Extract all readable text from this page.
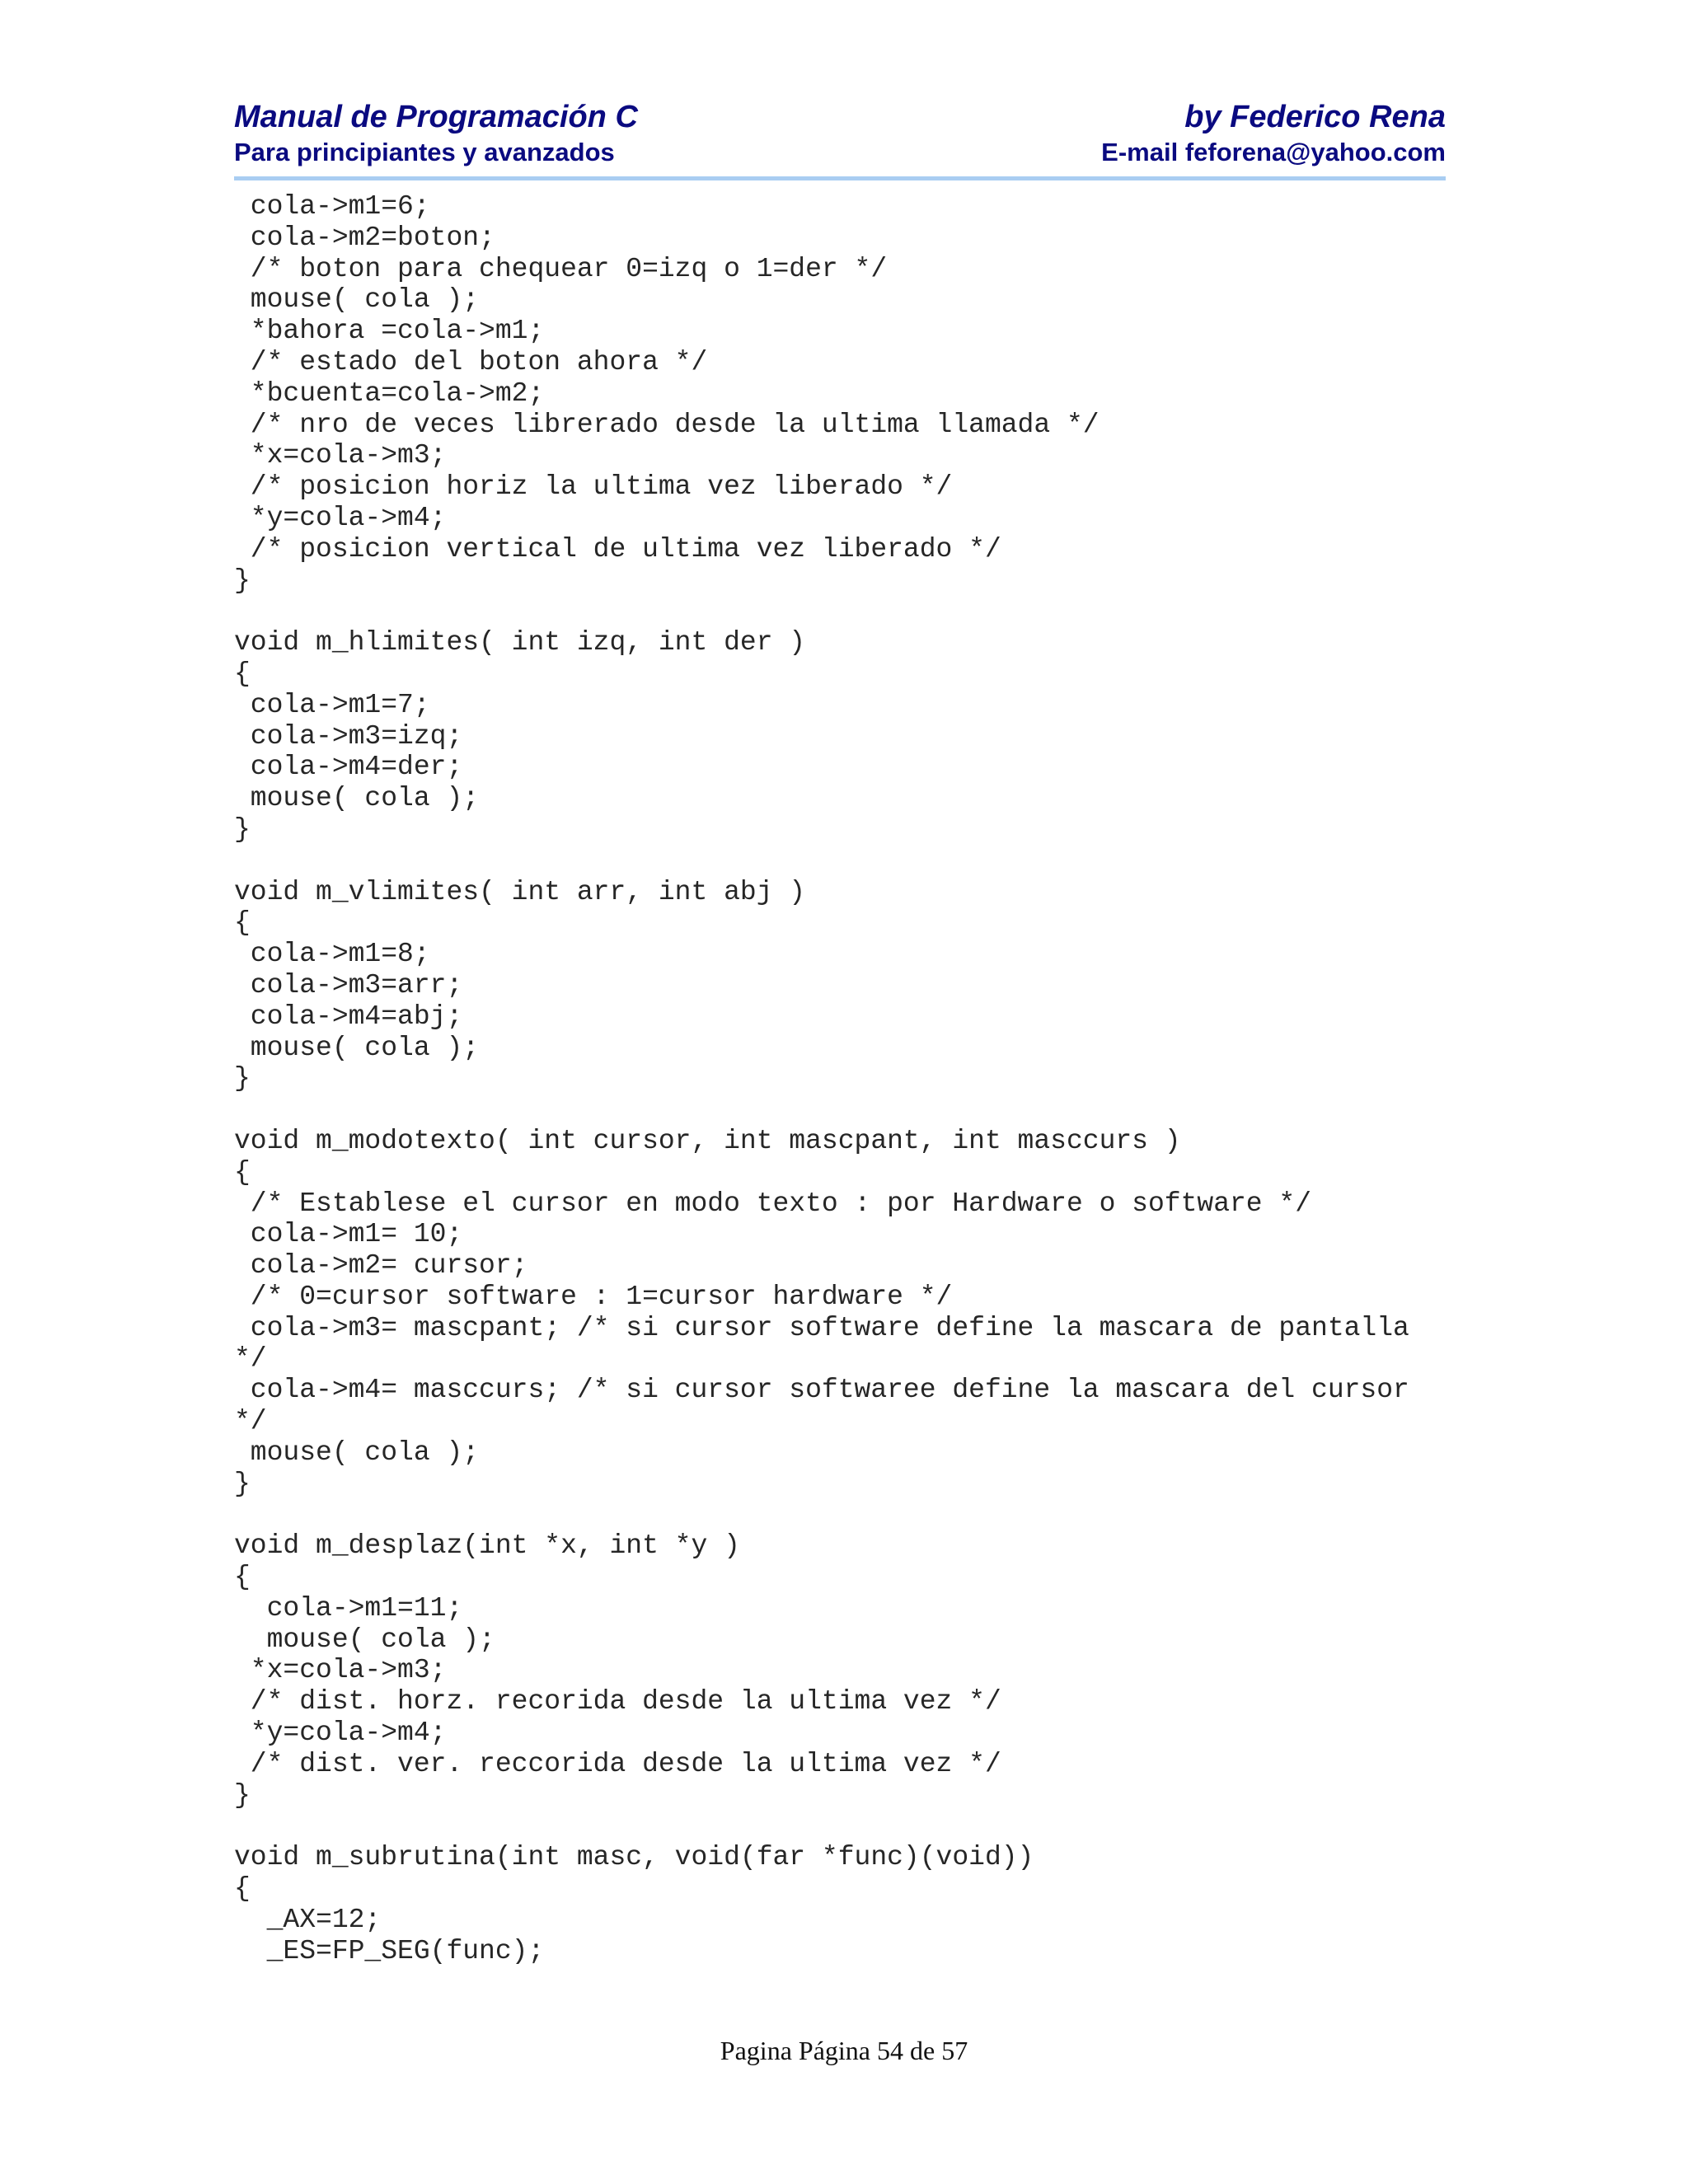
Manual de Programación C	by Federico Rena
Para principiantes y avanzados	E-mail feforena@yahoo.com
cola->m1=6;
cola->m2=boton;
/* boton para chequear 0=izq o 1=der */
mouse( cola );
*bahora =cola->m1;
/* estado del boton ahora */
*bcuenta=cola->m2;
/* nro de veces librerado desde la ultima llamada */
*x=cola->m3;
/* posicion horiz la ultima vez liberado */
*y=cola->m4;
/* posicion vertical de ultima vez liberado */
}
void m_hlimites( int izq, int der )
{
cola->m1=7;
cola->m3=izq;
cola->m4=der;
mouse( cola );
}
void m_vlimites( int arr, int abj )
{
cola->m1=8;
cola->m3=arr;
cola->m4=abj;
mouse( cola );
}
void m_modotexto( int cursor, int mascpant, int masccurs )
{
/* Establese el cursor en modo texto : por Hardware o software */
cola->m1= 10;
cola->m2= cursor;
/* 0=cursor software : 1=cursor hardware */
cola->m3= mascpant; /* si cursor software define la mascara de pantalla
*/
cola->m4= masccurs; /* si cursor softwaree define la mascara del cursor
*/
mouse( cola );
}
void m_desplaz(int *x, int *y )
{
cola->m1=11;
mouse( cola );
*x=cola->m3;
/* dist. horz. recorida desde la ultima vez */
*y=cola->m4;
/* dist. ver. reccorida desde la ultima vez */
}
void m_subrutina(int masc, void(far *func)(void))
{
_AX=12;
_ES=FP_SEG(func);
Pagina Página 54 de 57
